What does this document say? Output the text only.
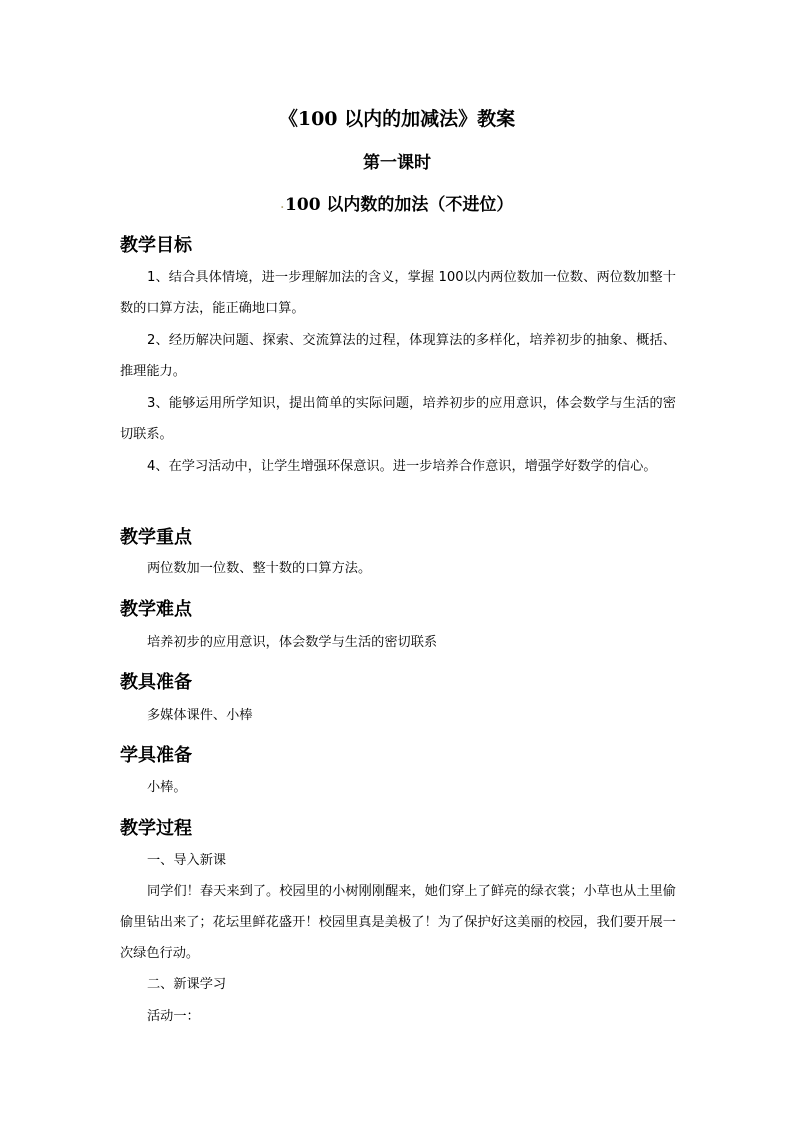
《100 以内的加减法》教案
第一课时
.100 以内数的加法（不进位）
教学目标
1、结合具体情境，进一步理解加法的含义，掌握 100以内两位数加一位数、两位数加整十数的口算方法，能正确地口算。
2、经历解决问题、探索、交流算法的过程，体现算法的多样化，培养初步的抽象、概括、推理能力。
3、能够运用所学知识，提出简单的实际问题，培养初步的应用意识，体会数学与生活的密切联系。
4、在学习活动中，让学生增强环保意识。进一步培养合作意识，增强学好数学的信心。
教学重点
两位数加一位数、整十数的口算方法。
教学难点
培养初步的应用意识，体会数学与生活的密切联系
教具准备
多媒体课件、小棒
学具准备
小棒。
教学过程
一、导入新课
同学们！春天来到了。校园里的小树刚刚醒来，她们穿上了鲜亮的绿衣裳；小草也从土里偷偷里钻出来了；花坛里鲜花盛开！校园里真是美极了！为了保护好这美丽的校园，我们要开展一次绿色行动。
二、新课学习
活动一：
